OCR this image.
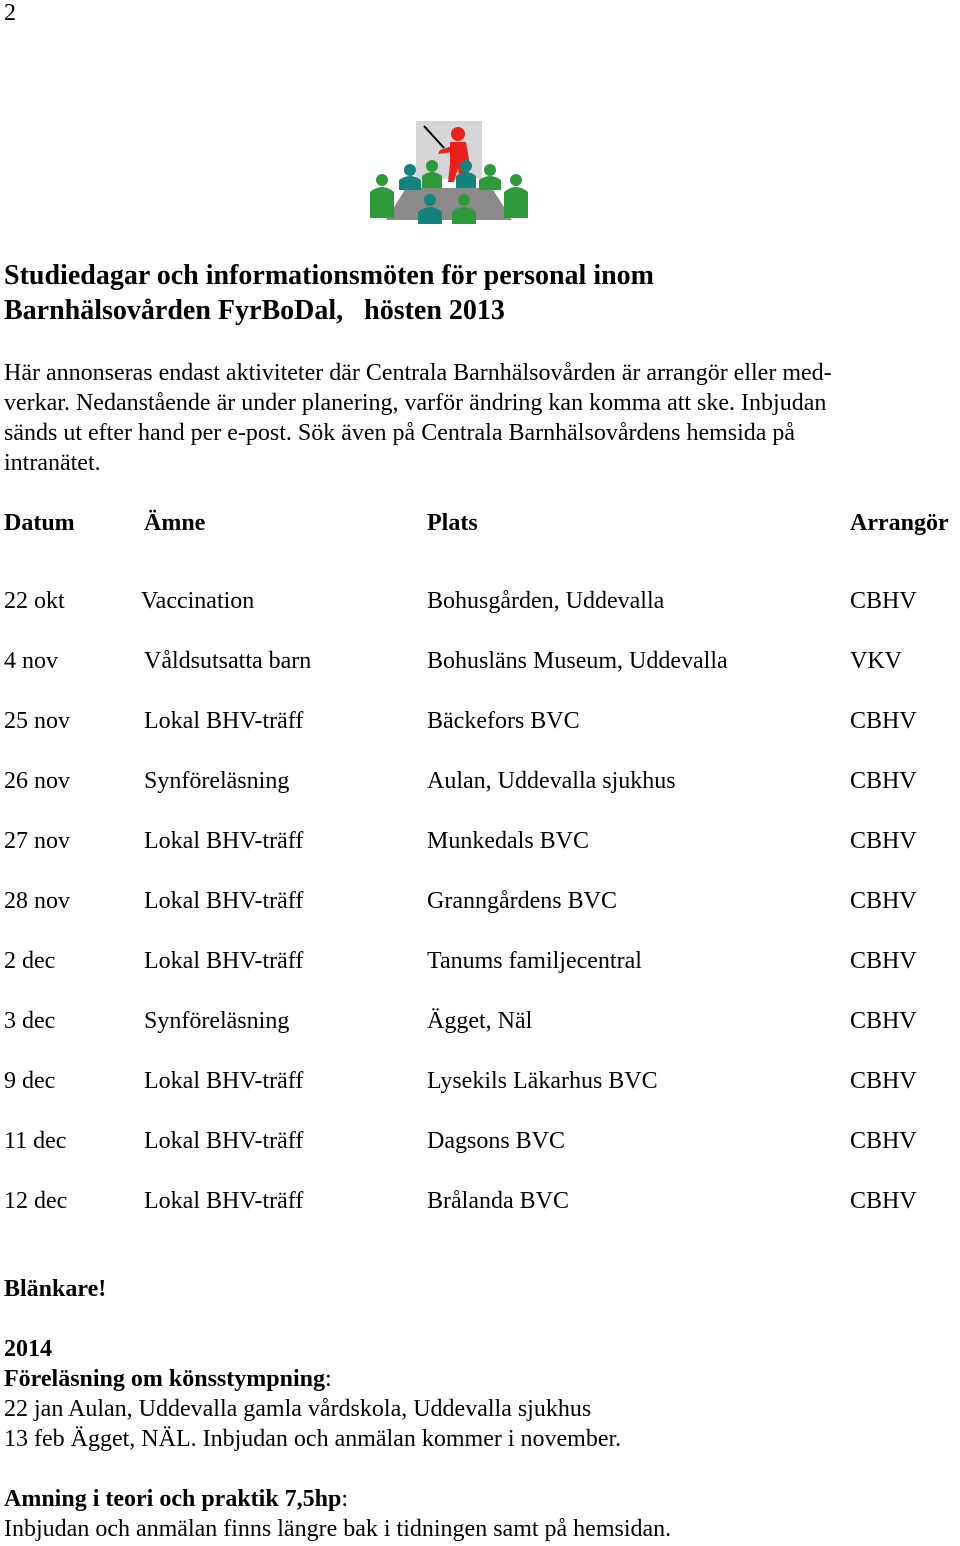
2
Studiedagar och informationsmöten för personal inom
Barnhälsovården FyrBoDal,   hösten 2013

Här annonseras endast aktiviteter där Centrala Barnhälsovården är arrangör eller med-
verkar. Nedanstående är under planering, varför ändring kan komma att ske. Inbjudan
sänds ut efter hand per e-post. Sök även på Centrala Barnhälsovårdens hemsida på
intranätet.

Datum	Ämne	Plats	Arrangör
22 okt	Vaccination	Bohusgården, Uddevalla	CBHV
4 nov	Våldsutsatta barn	Bohusläns Museum, Uddevalla	VKV
25 nov	Lokal BHV-träff	Bäckefors BVC	CBHV
26 nov	Synföreläsning	Aulan, Uddevalla sjukhus	CBHV
27 nov	Lokal BHV-träff	Munkedals BVC	CBHV
28 nov	Lokal BHV-träff	Granngårdens BVC	CBHV
2 dec	Lokal BHV-träff	Tanums familjecentral	CBHV
3 dec	Synföreläsning	Ägget, Näl	CBHV
9 dec	Lokal BHV-träff	Lysekils Läkarhus BVC	CBHV
11 dec	Lokal BHV-träff	Dagsons BVC	CBHV
12 dec	Lokal BHV-träff	Brålanda BVC	CBHV
Blänkare!
2014
Föreläsning om könsstympning:
22 jan Aulan, Uddevalla gamla vårdskola, Uddevalla sjukhus
13 feb Ägget, NÄL. Inbjudan och anmälan kommer i november.
Amning i teori och praktik 7,5hp:
Inbjudan och anmälan finns längre bak i tidningen samt på hemsidan.
